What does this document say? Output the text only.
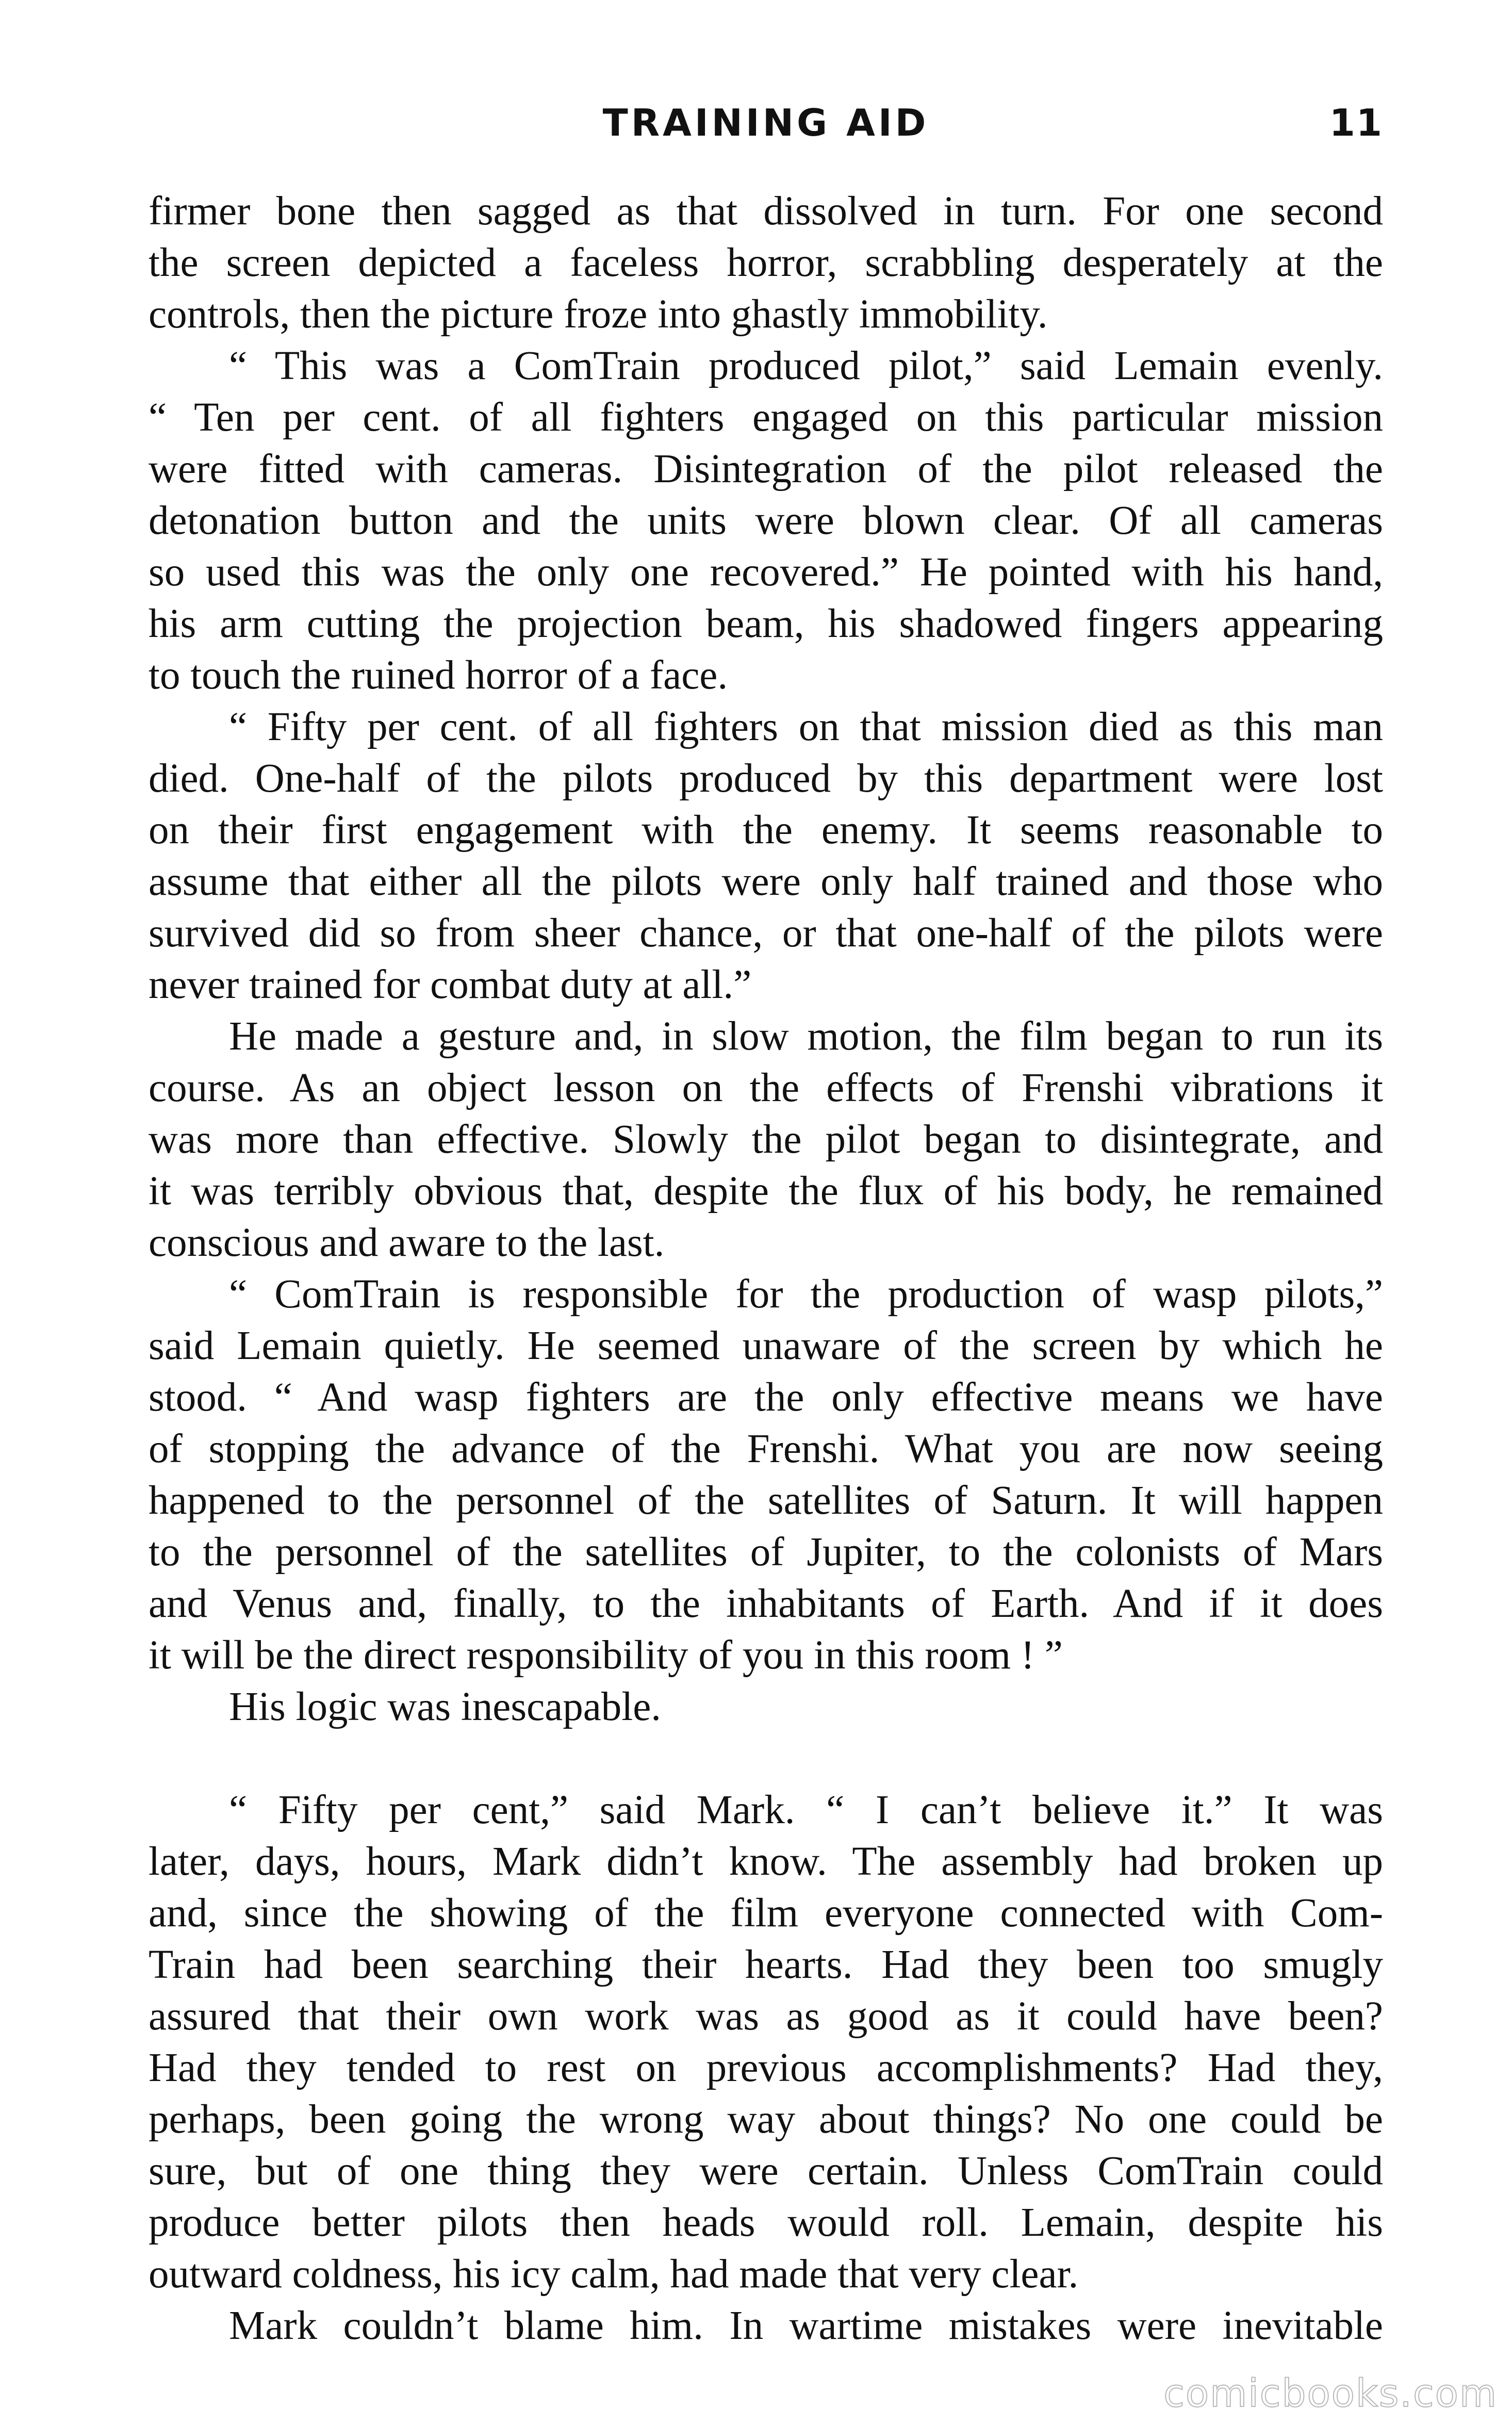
TRAINING AID	11
firmer bone then sagged as that dissolved in turn. For one second
the screen depicted a faceless horror, scrabbling desperately at the
controls, then the picture froze into ghastly immobility.
“ This was a ComTrain produced pilot,” said Lemain evenly.
“ Ten per cent. of all fighters engaged on this particular mission
were fitted with cameras. Disintegration of the pilot released the
detonation button and the units were blown clear. Of all cameras
so used this was the only one recovered.” He pointed with his hand,
his arm cutting the projection beam, his shadowed fingers appearing
to touch the ruined horror of a face.
“ Fifty per cent. of all fighters on that mission died as this man
died. One-half of the pilots produced by this department were lost
on their first engagement with the enemy. It seems reasonable to
assume that either all the pilots were only half trained and those who
survived did so from sheer chance, or that one-half of the pilots were
never trained for combat duty at all.”
He made a gesture and, in slow motion, the film began to run its
course. As an object lesson on the effects of Frenshi vibrations it
was more than effective. Slowly the pilot began to disintegrate, and
it was terribly obvious that, despite the flux of his body, he remained
conscious and aware to the last.
“ ComTrain is responsible for the production of wasp pilots,”
said Lemain quietly. He seemed unaware of the screen by which he
stood. “ And wasp fighters are the only effective means we have
of stopping the advance of the Frenshi. What you are now seeing
happened to the personnel of the satellites of Saturn. It will happen
to the personnel of the satellites of Jupiter, to the colonists of Mars
and Venus and, finally, to the inhabitants of Earth. And if it does
it will be the direct responsibility of you in this room ! ”
His logic was inescapable.
“ Fifty per cent,” said Mark. “ I can’t believe it.” It was
later, days, hours, Mark didn’t know. The assembly had broken up
and, since the showing of the film everyone connected with Com-
Train had been searching their hearts. Had they been too smugly
assured that their own work was as good as it could have been?
Had they tended to rest on previous accomplishments? Had they,
perhaps, been going the wrong way about things? No one could be
sure, but of one thing they were certain. Unless ComTrain could
produce better pilots then heads would roll. Lemain, despite his
outward coldness, his icy calm, had made that very clear.
Mark couldn’t blame him. In wartime mistakes were inevitable
comicbooks.com
